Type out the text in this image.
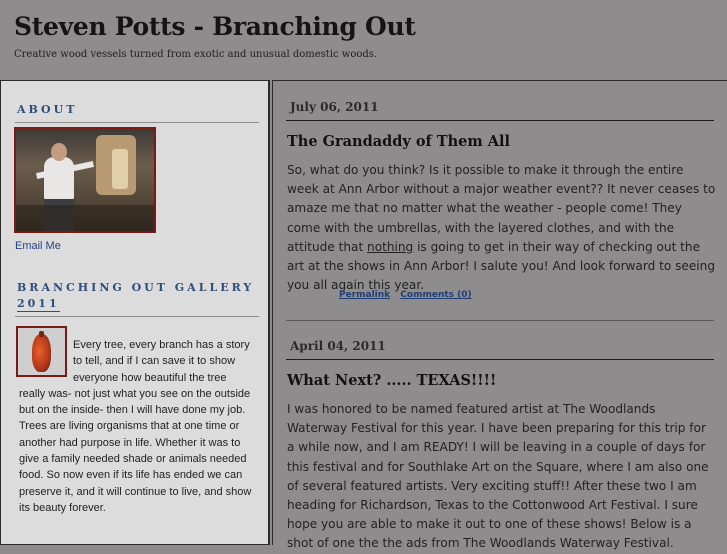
Steven Potts - Branching Out
Creative wood vessels turned from exotic and unusual domestic woods.
ABOUT
Email Me
BRANCHING OUT GALLERY
2011

Every tree, every branch has a story to tell, and if I can save it to show everyone how beautiful the tree really was- not just what you see on the outside but on the inside- then I will have done my job. Trees are living organisms that at one time or another had purpose in life. Whether it was to give a family needed shade or animals needed food. So now even if its life has ended we can preserve it, and it will continue to live, and show its beauty forever.

July 06, 2011
The Grandaddy of Them All

So, what do you think? Is it possible to make it through the entire week at Ann Arbor without a major weather event?? It never ceases to amaze me that no matter what the weather - people come! They come with the umbrellas, with the layered clothes, and with the attitude that nothing is going to get in their way of checking out the art at the shows in Ann Arbor! I salute you! And look forward to seeing you all again this year.

Permalink Comments (0)
April 04, 2011
What Next? ..... TEXAS!!!!

I was honored to be named featured artist at The Woodlands Waterway Festival for this year. I have been preparing for this trip for a while now, and I am READY! I will be leaving in a couple of days for this festival and for Southlake Art on the Square, where I am also one of several featured artists. Very exciting stuff!! After these two I am heading for Richardson, Texas to the Cottonwood Art Festival. I sure hope you are able to make it out to one of these shows! Below is a shot of one the the ads from The Woodlands Waterway Festival.
